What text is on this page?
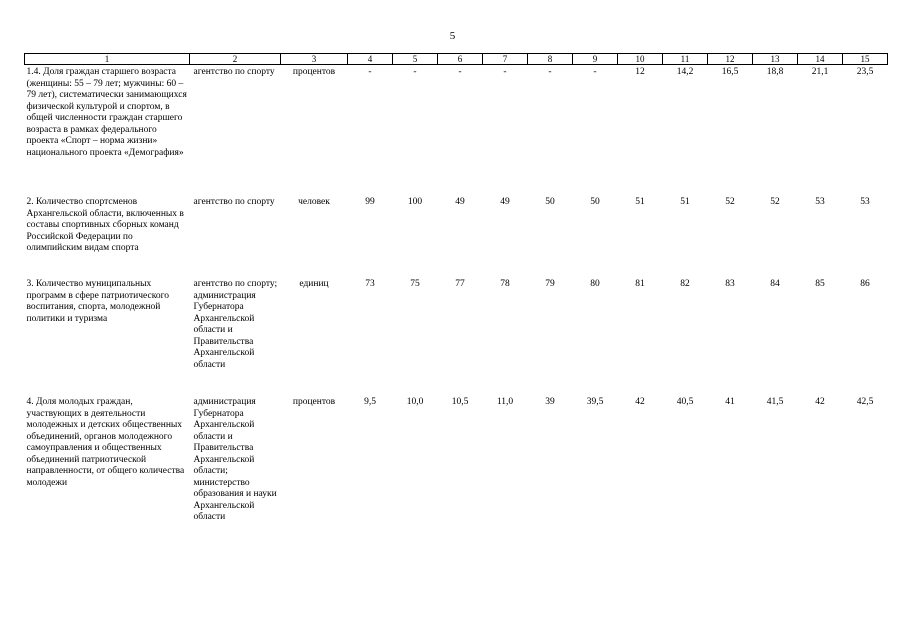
5
1	2	3	4	5	6	7	8	9	10	11	12	13	14	15
1.4. Доля граждан старшего возраста (женщины: 55 – 79 лет; мужчины: 60 – 79 лет), систематически занимающихся физической культурой и спортом, в общей численности граждан старшего возраста в рамках федерального проекта «Спорт – норма жизни» национального проекта «Демография»	агентство по спорту	процентов	-	-	-	-	-	-	12	14,2	16,5	18,8	21,1	23,5
2. Количество спортсменов Архангельской области, включенных в составы спортивных сборных команд Российской Федерации по олимпийским видам спорта	агентство по спорту	человек	99	100	49	49	50	50	51	51	52	52	53	53
3. Количество муниципальных программ в сфере патриотического воспитания, спорта, молодежной политики и туризма	агентство по спорту; администрация Губернатора Архангельской области и Правительства Архангельской области	единиц	73	75	77	78	79	80	81	82	83	84	85	86
4. Доля молодых граждан, участвующих в деятельности молодежных и детских общественных объединений, органов молодежного самоуправления и общественных объединений патриотической направленности, от общего количества молодежи	администрация Губернатора Архангельской области и Правительства Архангельской области; министерство образования и науки Архангельской области	процентов	9,5	10,0	10,5	11,0	39	39,5	42	40,5	41	41,5	42	42,5
